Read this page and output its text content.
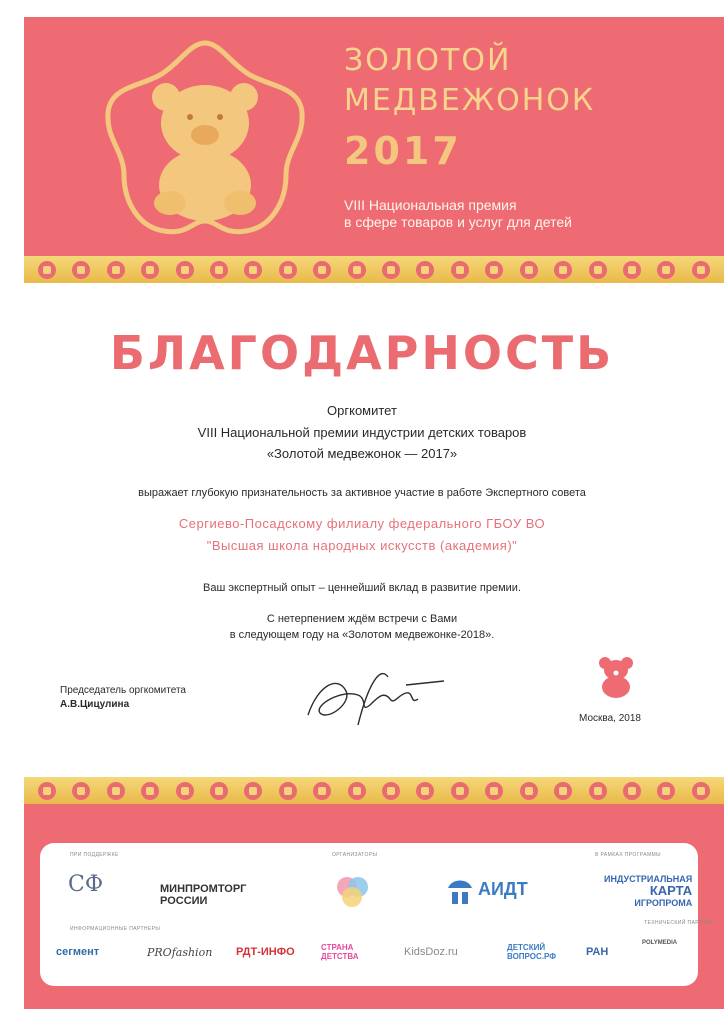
ЗОЛОТОЙ
МЕДВЕЖОНОК
2017
VIII Национальная премия
в сфере товаров и услуг для детей
БЛАГОДАРНОСТЬ
Оргкомитет
VIII Национальной премии индустрии детских товаров
«Золотой медвежонок — 2017»
выражает глубокую признательность за активное участие в работе Экспертного совета
Сергиево-Посадскому филиалу федерального ГБОУ ВО
"Высшая школа народных искусств (академия)"
Ваш экспертный опыт – ценнейший вклад в развитие премии.
С нетерпением ждём встречи с Вами
в следующем году на «Золотом медвежонке-2018».
Председатель оргкомитета
А.В.Цицулина
Москва, 2018
ПРИ ПОДДЕРЖКЕ	ОРГАНИЗАТОРЫ	В РАМКАХ ПРОГРАММЫ
ИНФОРМАЦИОННЫЕ ПАРТНЕРЫ
ТЕХНИЧЕСКИЙ ПАРТНЕР
СФ	МИНПРОМТОРГ
РОССИИ
АИДТ	ИНДУСТРИАЛЬНАЯ
КАРТА
ИГРОПРОМА
сегмент	PROfashion РДТ-ИНФО	СТРАНА
ДЕТСТВА	KidsDoz.ru	ДЕТСКИЙ
ВОПРОС.РФ	РАН
POLYMEDIA
